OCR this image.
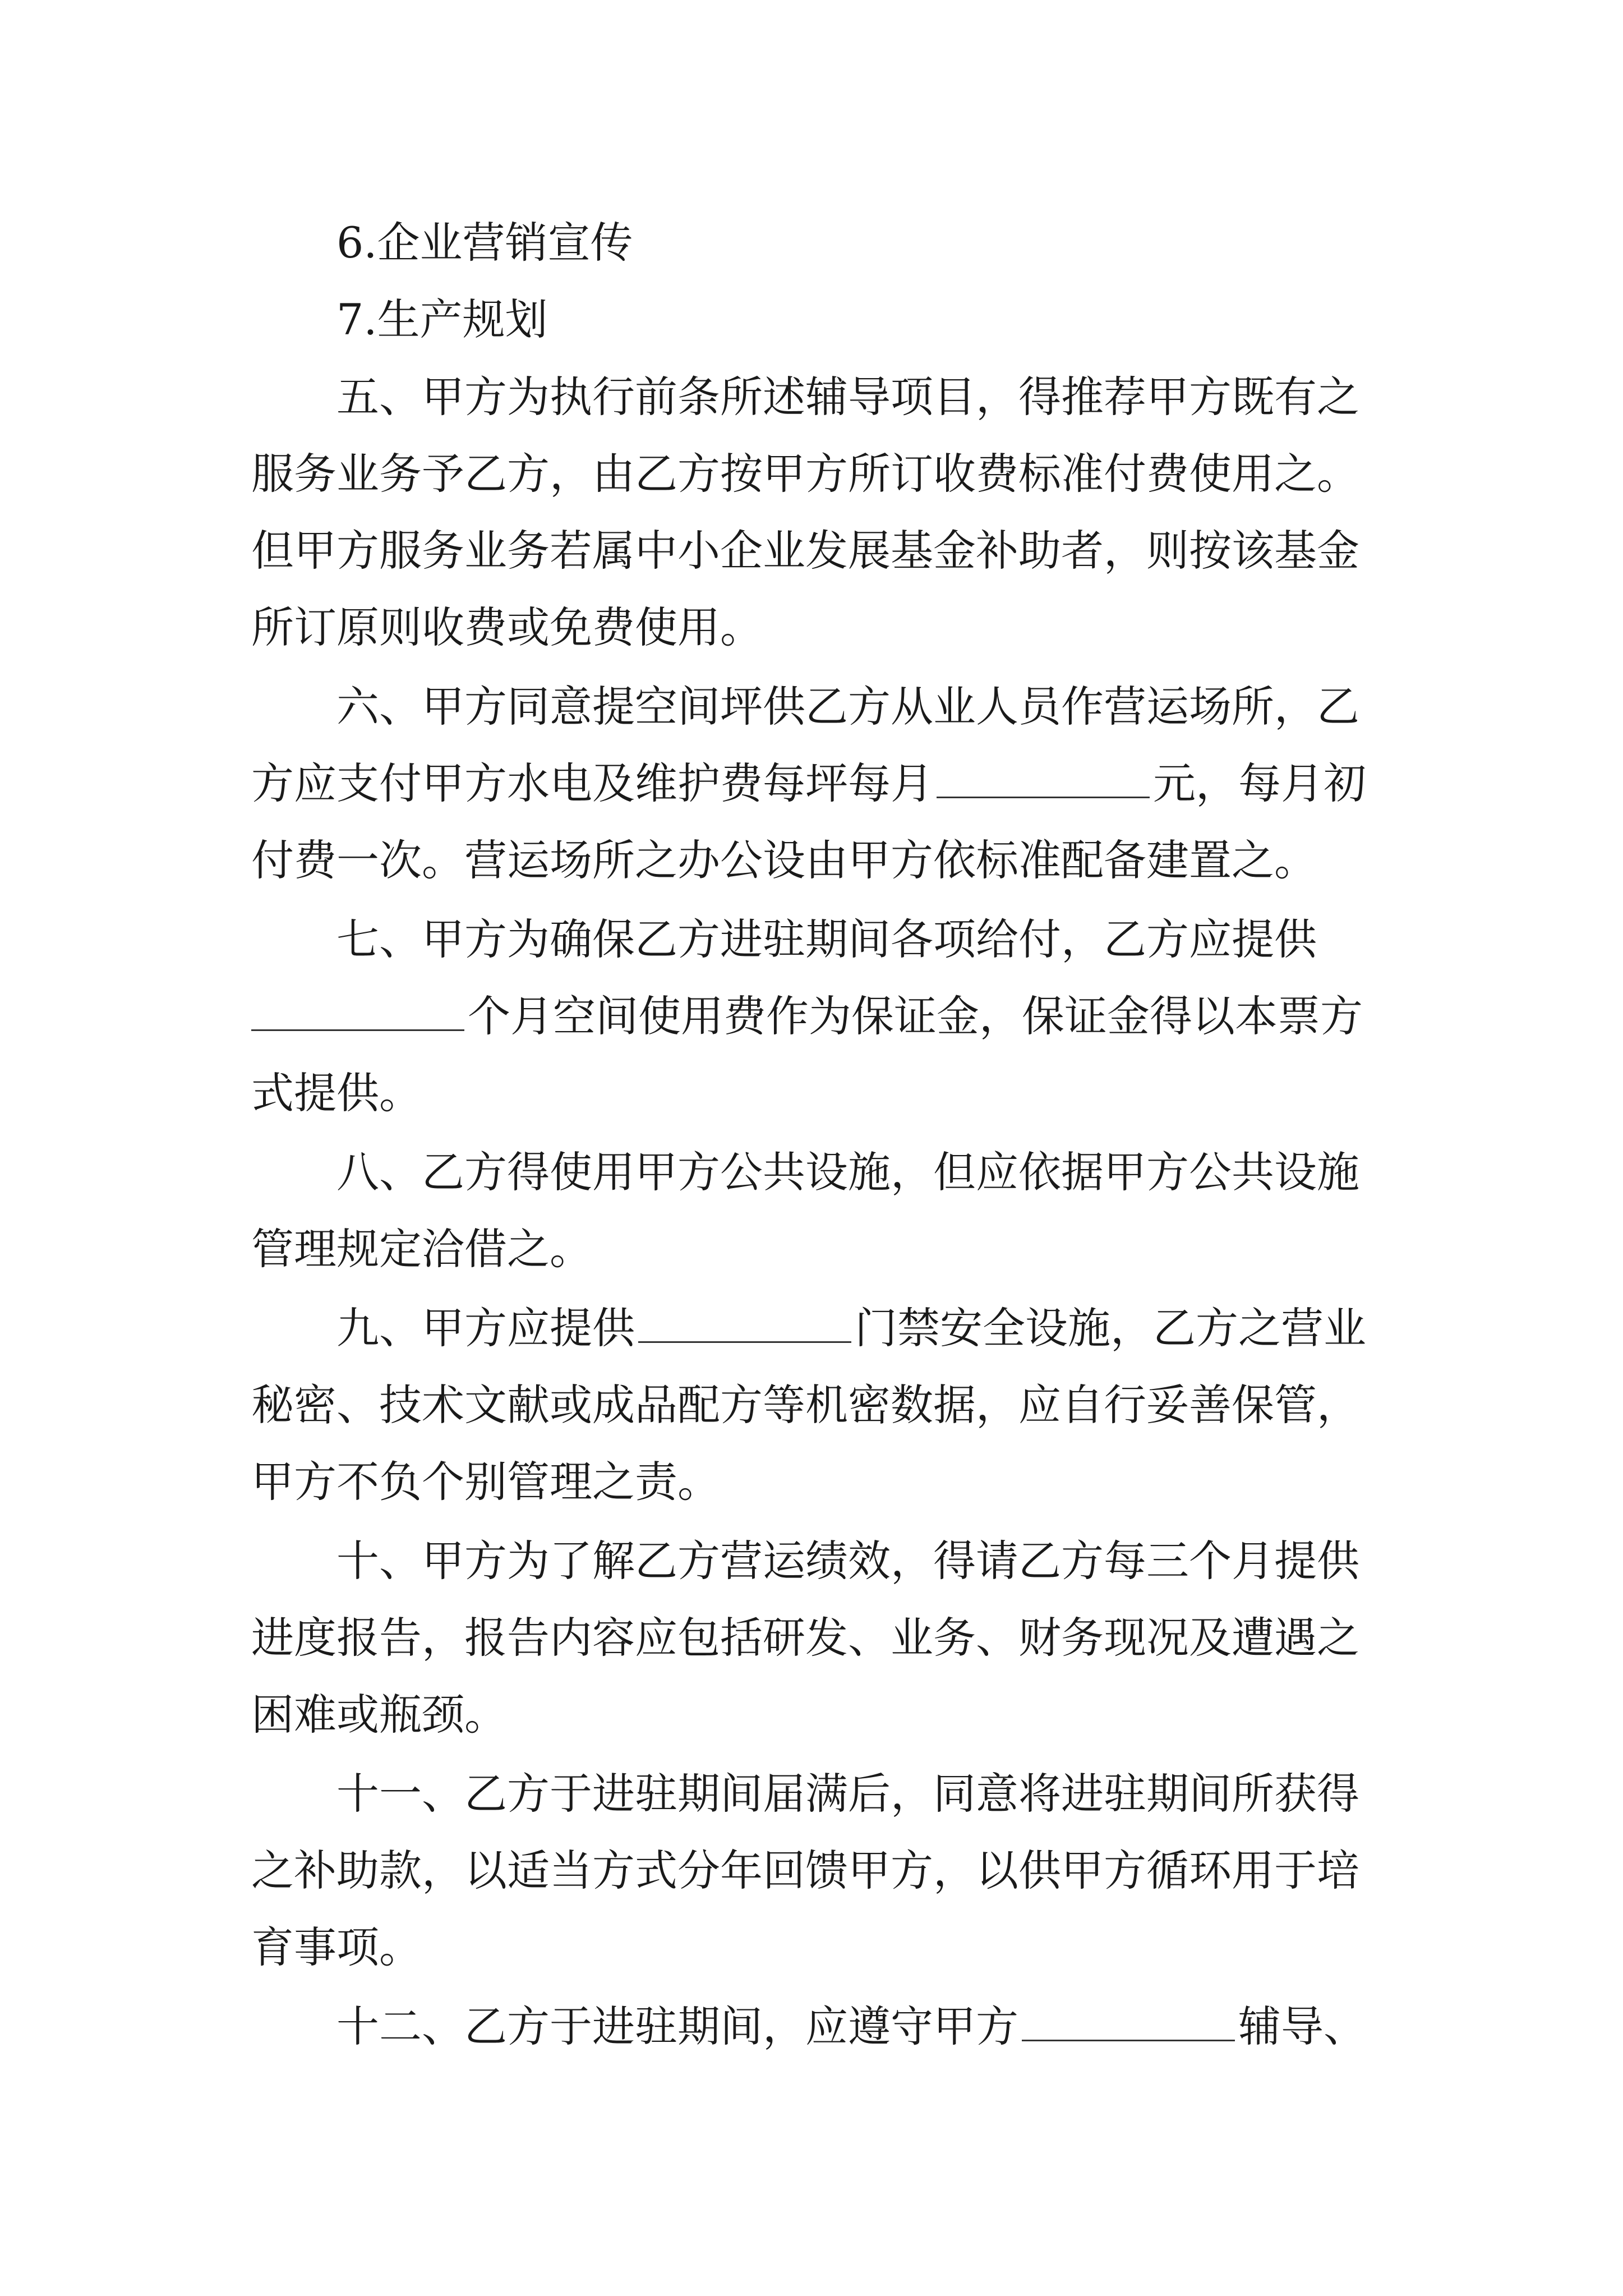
6.企业营销宣传
7.生产规划
五、甲方为执行前条所述辅导项目，得推荐甲方既有之
服务业务予乙方，由乙方按甲方所订收费标准付费使用之。
但甲方服务业务若属中小企业发展基金补助者，则按该基金
所订原则收费或免费使用。
六、甲方同意提空间坪供乙方从业人员作营运场所，乙
方应支付甲方水电及维护费每坪每月	元，每月初
付费一次。营运场所之办公设由甲方依标准配备建置之。
七、甲方为确保乙方进驻期间各项给付，乙方应提供
个月空间使用费作为保证金，保证金得以本票方
式提供。
八、乙方得使用甲方公共设施，但应依据甲方公共设施
管理规定洽借之。
九、甲方应提供	门禁安全设施，乙方之营业
秘密、技术文献或成品配方等机密数据，应自行妥善保管，
甲方不负个别管理之责。
十、甲方为了解乙方营运绩效，得请乙方每三个月提供
进度报告，报告内容应包括研发、业务、财务现况及遭遇之
困难或瓶颈。
十一、乙方于进驻期间届满后，同意将进驻期间所获得
之补助款，以适当方式分年回馈甲方，以供甲方循环用于培
育事项。
十二、乙方于进驻期间，应遵守甲方	辅导、
